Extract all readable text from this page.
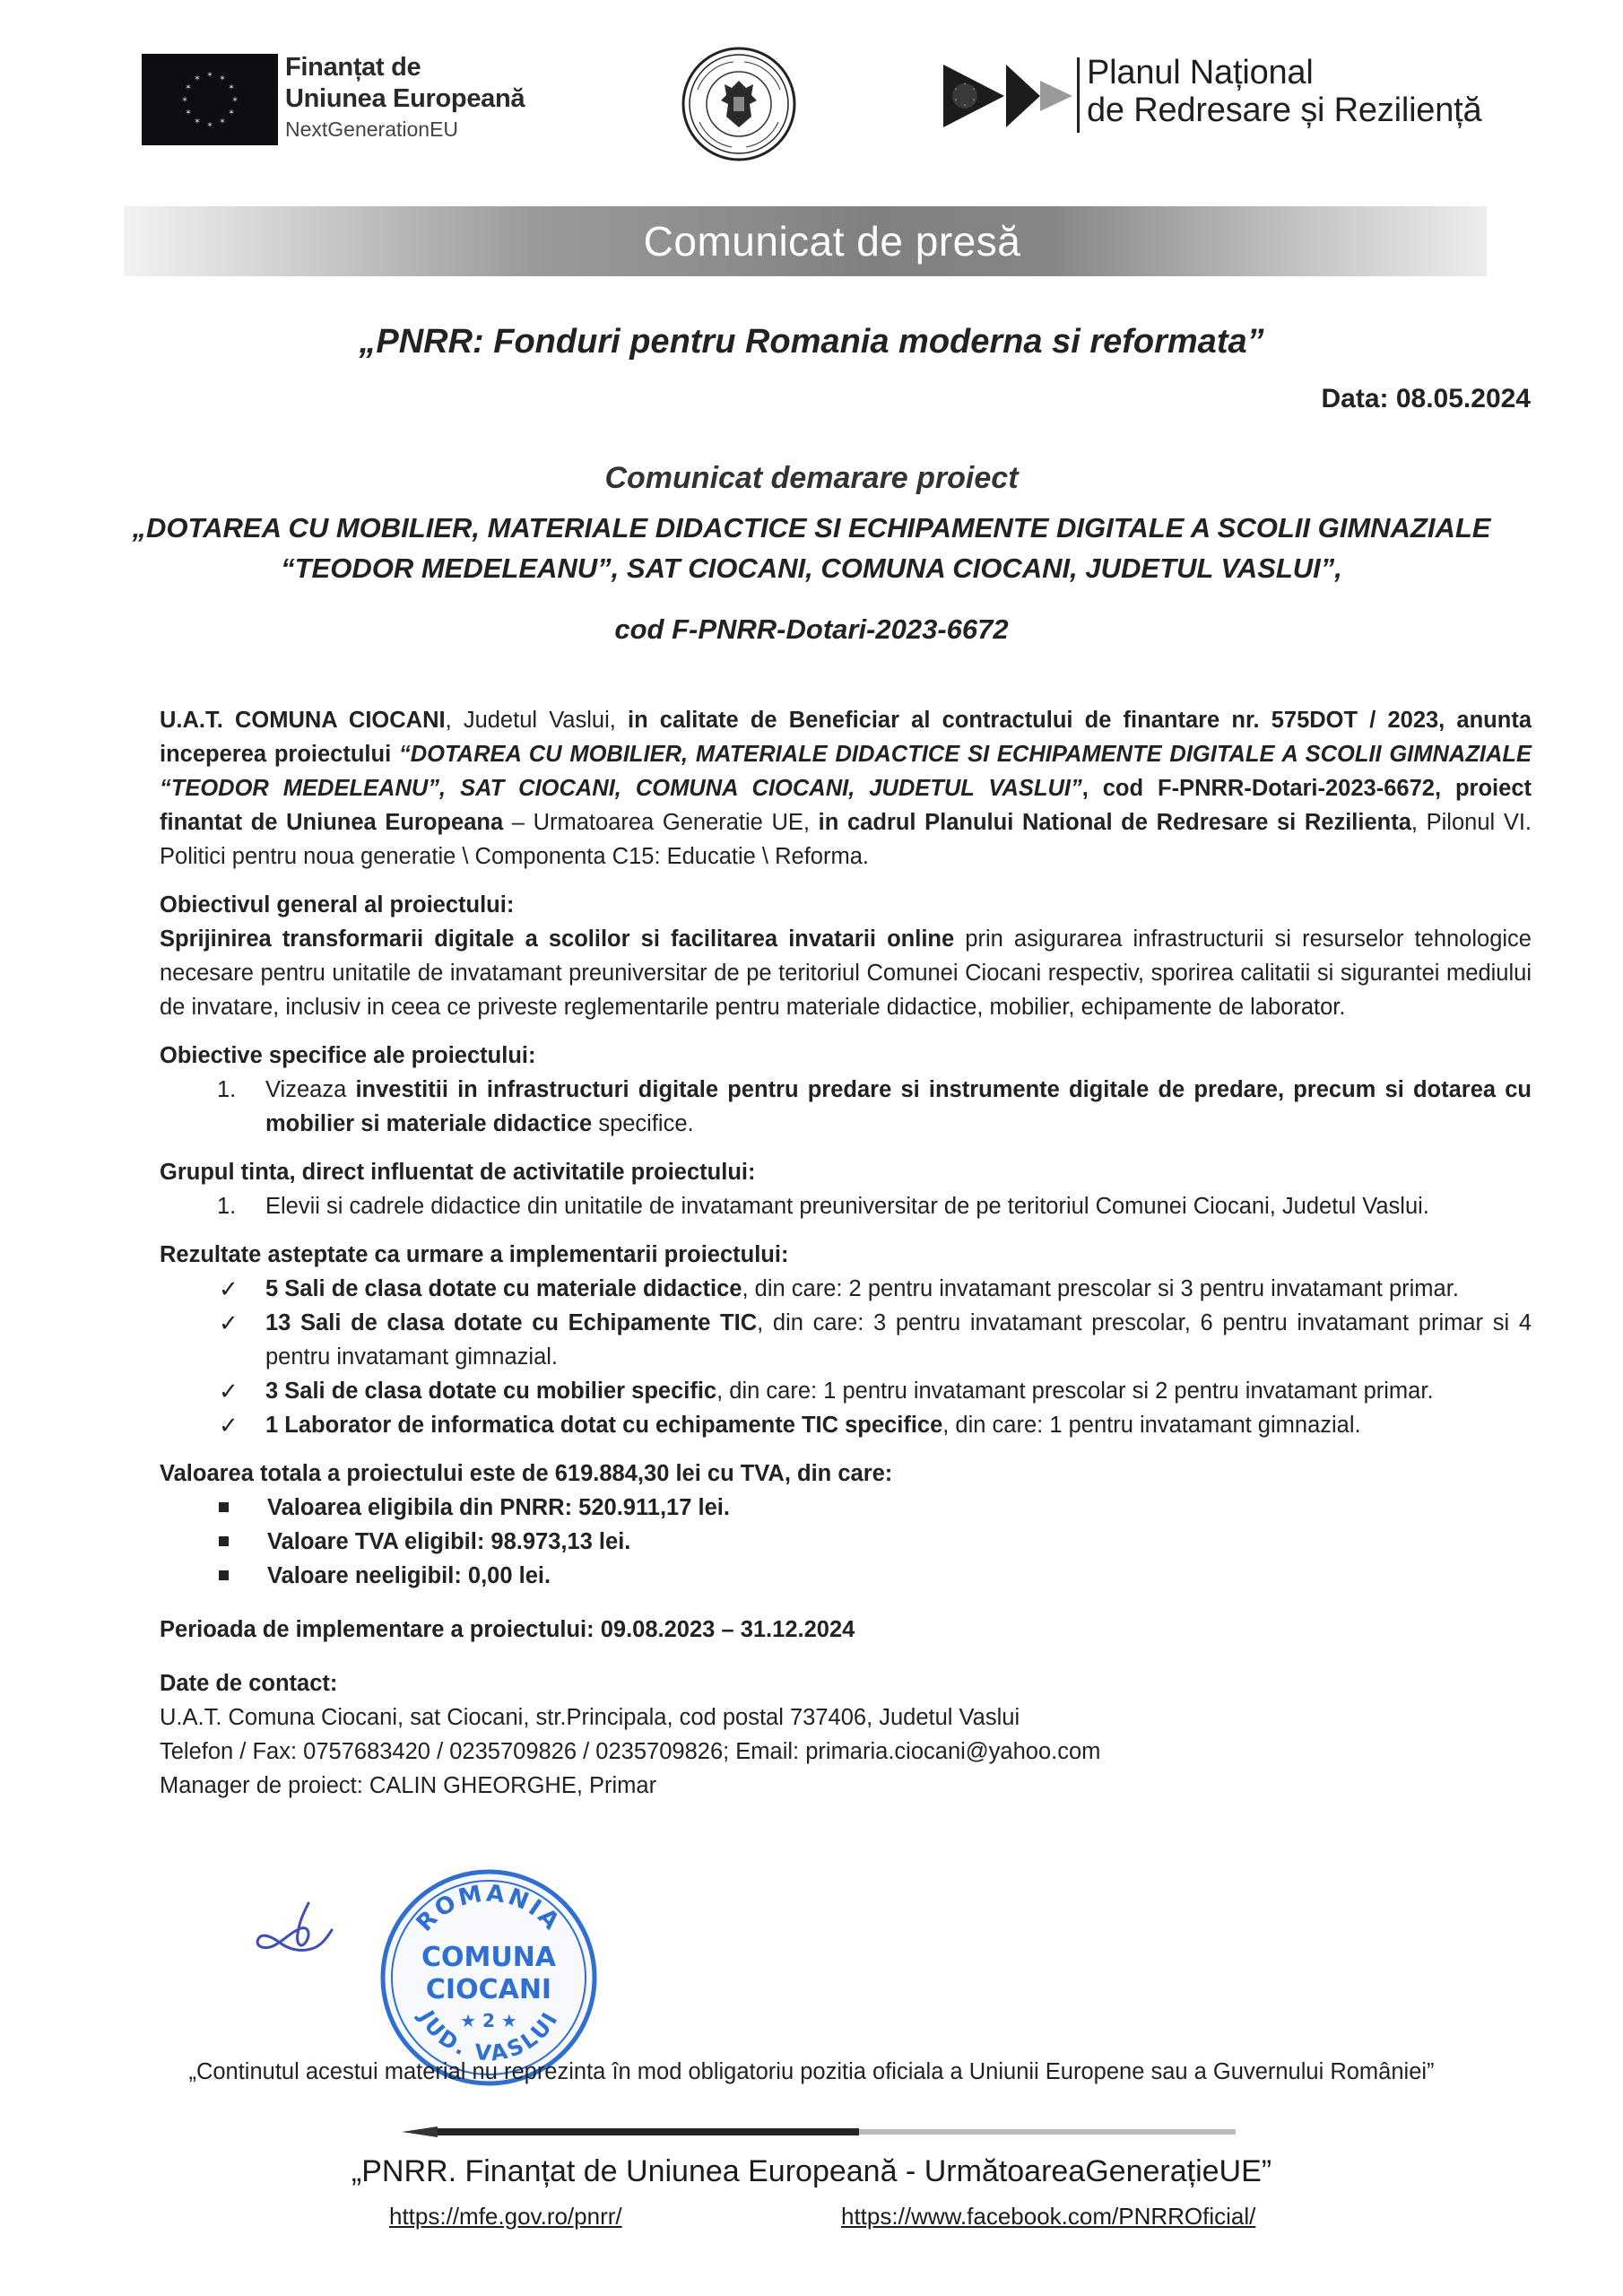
✶ ✶
✶
✶
✶
✶
✶
✶
✶
✶
✶
✶	Finanțat de
Uniunea Europeană
NextGenerationEU
*
*
*
*
*
*	Planul Național
de Redresare și Reziliență
Comunicat de presă
„PNRR: Fonduri pentru Romania moderna si reformata”
Data: 08.05.2024
Comunicat demarare proiect
„DOTAREA CU MOBILIER, MATERIALE DIDACTICE SI ECHIPAMENTE DIGITALE A SCOLII GIMNAZIALE
“TEODOR MEDELEANU”, SAT CIOCANI, COMUNA CIOCANI, JUDETUL VASLUI”,
cod F-PNRR-Dotari-2023-6672

U.A.T. COMUNA CIOCANI, Judetul Vaslui, in calitate de Beneficiar al contractului de finantare nr. 575DOT / 2023, anunta inceperea proiectului “DOTAREA CU MOBILIER, MATERIALE DIDACTICE SI ECHIPAMENTE DIGITALE A SCOLII GIMNAZIALE “TEODOR MEDELEANU”, SAT CIOCANI, COMUNA CIOCANI, JUDETUL VASLUI”, cod F-PNRR-Dotari-2023-6672, proiect finantat de Uniunea Europeana – Urmatoarea Generatie UE, in cadrul Planului National de Redresare si Rezilienta, Pilonul VI. Politici pentru noua generatie \ Componenta C15: Educatie \ Reforma.

Obiectivul general al proiectului:

Sprijinirea transformarii digitale a scolilor si facilitarea invatarii online prin asigurarea infrastructurii si resurselor tehnologice necesare pentru unitatile de invatamant preuniversitar de pe teritoriul Comunei Ciocani respectiv, sporirea calitatii si sigurantei mediului de invatare, inclusiv in ceea ce priveste reglementarile pentru materiale didactice, mobilier, echipamente de laborator.

Obiective specifice ale proiectului:
1. Vizeaza investitii in infrastructuri digitale pentru predare si instrumente digitale de predare, precum si dotarea cu mobilier si materiale didactice specifice.
Grupul tinta, direct influentat de activitatile proiectului:
1. Elevii si cadrele didactice din unitatile de invatamant preuniversitar de pe teritoriul Comunei Ciocani, Judetul Vaslui.
Rezultate asteptate ca urmare a implementarii proiectului:
✓ 5 Sali de clasa dotate cu materiale didactice, din care: 2 pentru invatamant prescolar si 3 pentru invatamant primar.
✓ 13 Sali de clasa dotate cu Echipamente TIC, din care: 3 pentru invatamant prescolar, 6 pentru invatamant primar si 4 pentru invatamant gimnazial.
✓ 3 Sali de clasa dotate cu mobilier specific, din care: 1 pentru invatamant prescolar si 2 pentru invatamant primar.
✓ 1 Laborator de informatica dotat cu echipamente TIC specifice, din care: 1 pentru invatamant gimnazial.
Valoarea totala a proiectului este de 619.884,30 lei cu TVA, din care:
Valoarea eligibila din PNRR: 520.911,17 lei.
Valoare TVA eligibil: 98.973,13 lei.
Valoare neeligibil: 0,00 lei.
Perioada de implementare a proiectului: 09.08.2023 – 31.12.2024
Date de contact:
U.A.T. Comuna Ciocani, sat Ciocani, str.Principala, cod postal 737406, Judetul Vaslui
Telefon / Fax: 0757683420 / 0235709826 / 0235709826; Email: primaria.ciocani@yahoo.com
Manager de proiect: CALIN GHEORGHE, Primar
ROMANIA
JUD. VASLUI
COMUNA
CIOCANI
★ 2 ★
„Continutul acestui material nu reprezinta în mod obligatoriu pozitia oficiala a Uniunii Europene sau a Guvernului României”
„PNRR. Finanțat de Uniunea Europeană - UrmătoareaGenerațieUE”
https://mfe.gov.ro/pnrr/	https://www.facebook.com/PNRROficial/
